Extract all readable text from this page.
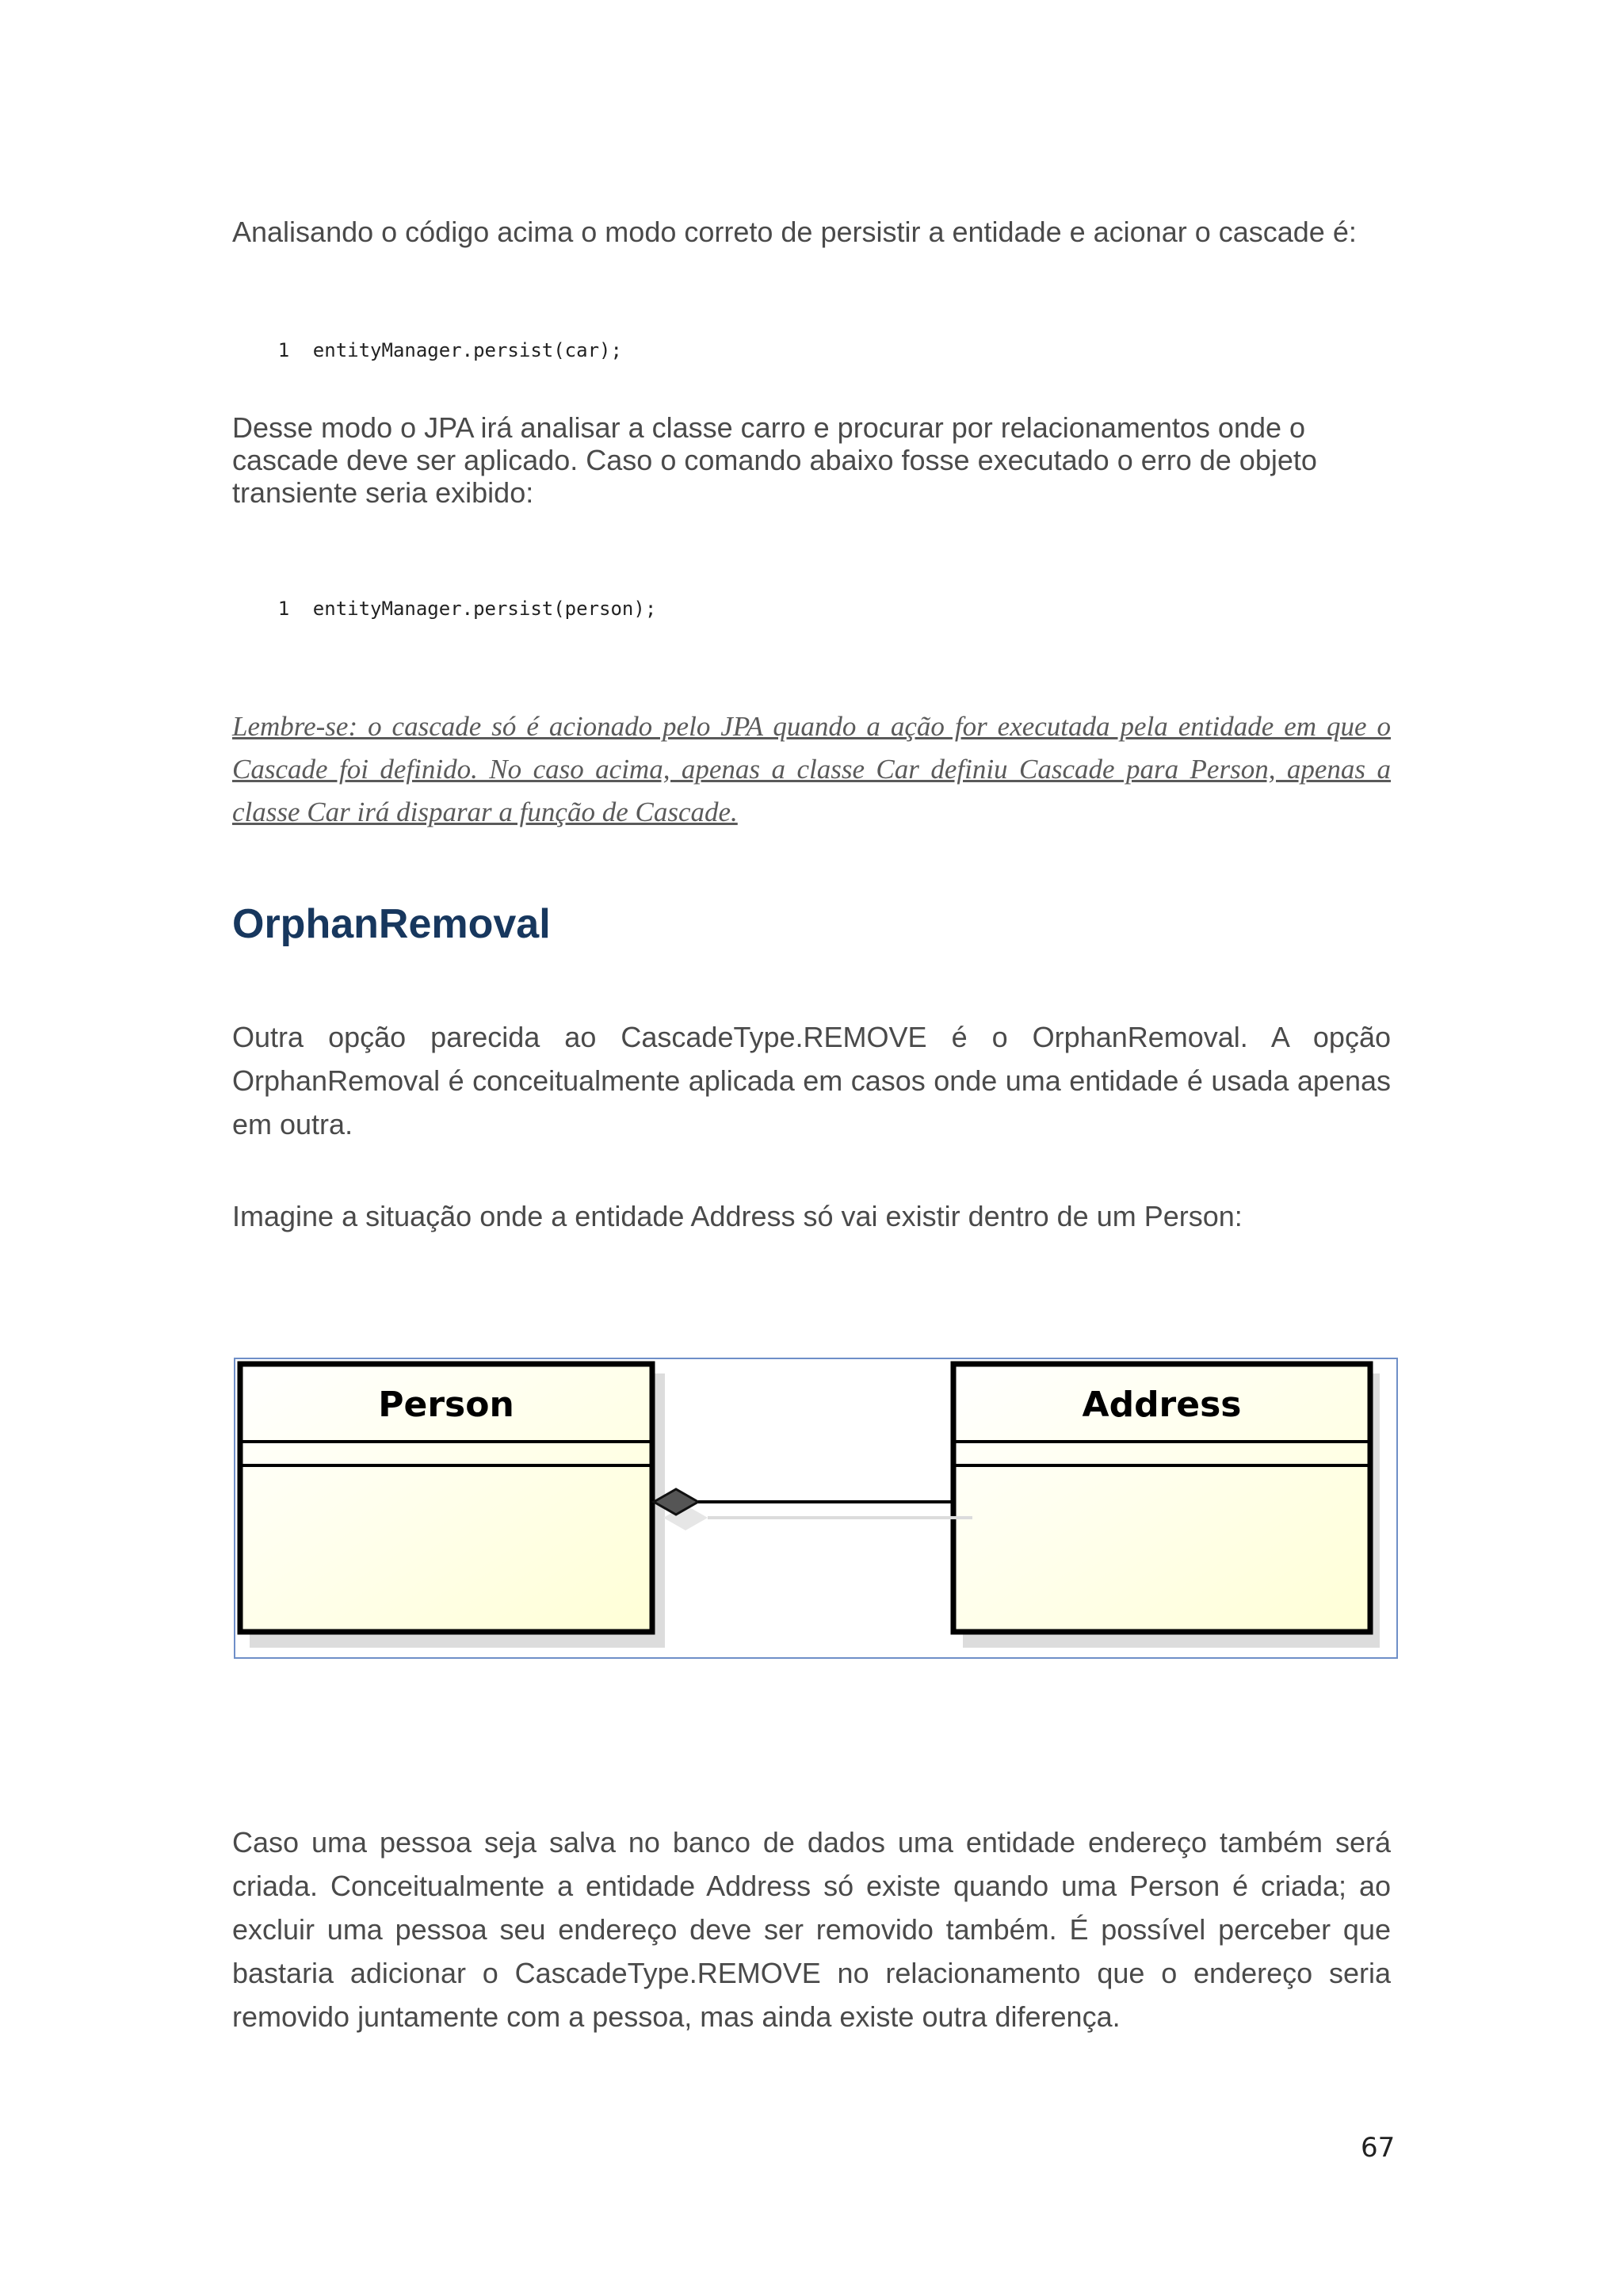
Analisando o código acima o modo correto de persistir a entidade e acionar o cascade é:

1 entityManager.persist(car);

Desse modo o JPA irá analisar a classe carro e procurar por relacionamentos onde o cascade deve ser aplicado. Caso o comando abaixo fosse executado o erro de objeto transiente seria exibido:

1 entityManager.persist(person);

Lembre-se: o cascade só é acionado pelo JPA quando a ação for executada pela entidade em que o Cascade foi definido. No caso acima, apenas a classe Car definiu Cascade para Person, apenas a classe Car irá disparar a função de Cascade.
OrphanRemoval
Outra opção parecida ao CascadeType.REMOVE é o OrphanRemoval. A opção OrphanRemoval é conceitualmente aplicada em casos onde uma entidade é usada apenas em outra.
Imagine a situação onde a entidade Address só vai existir dentro de um Person:
Person	Address
Caso uma pessoa seja salva no banco de dados uma entidade endereço também será criada. Conceitualmente a entidade Address só existe quando uma Person é criada; ao excluir uma pessoa seu endereço deve ser removido também. É possível perceber que bastaria adicionar o CascadeType.REMOVE no relacionamento que o endereço seria removido juntamente com a pessoa, mas ainda existe outra diferença.
67
